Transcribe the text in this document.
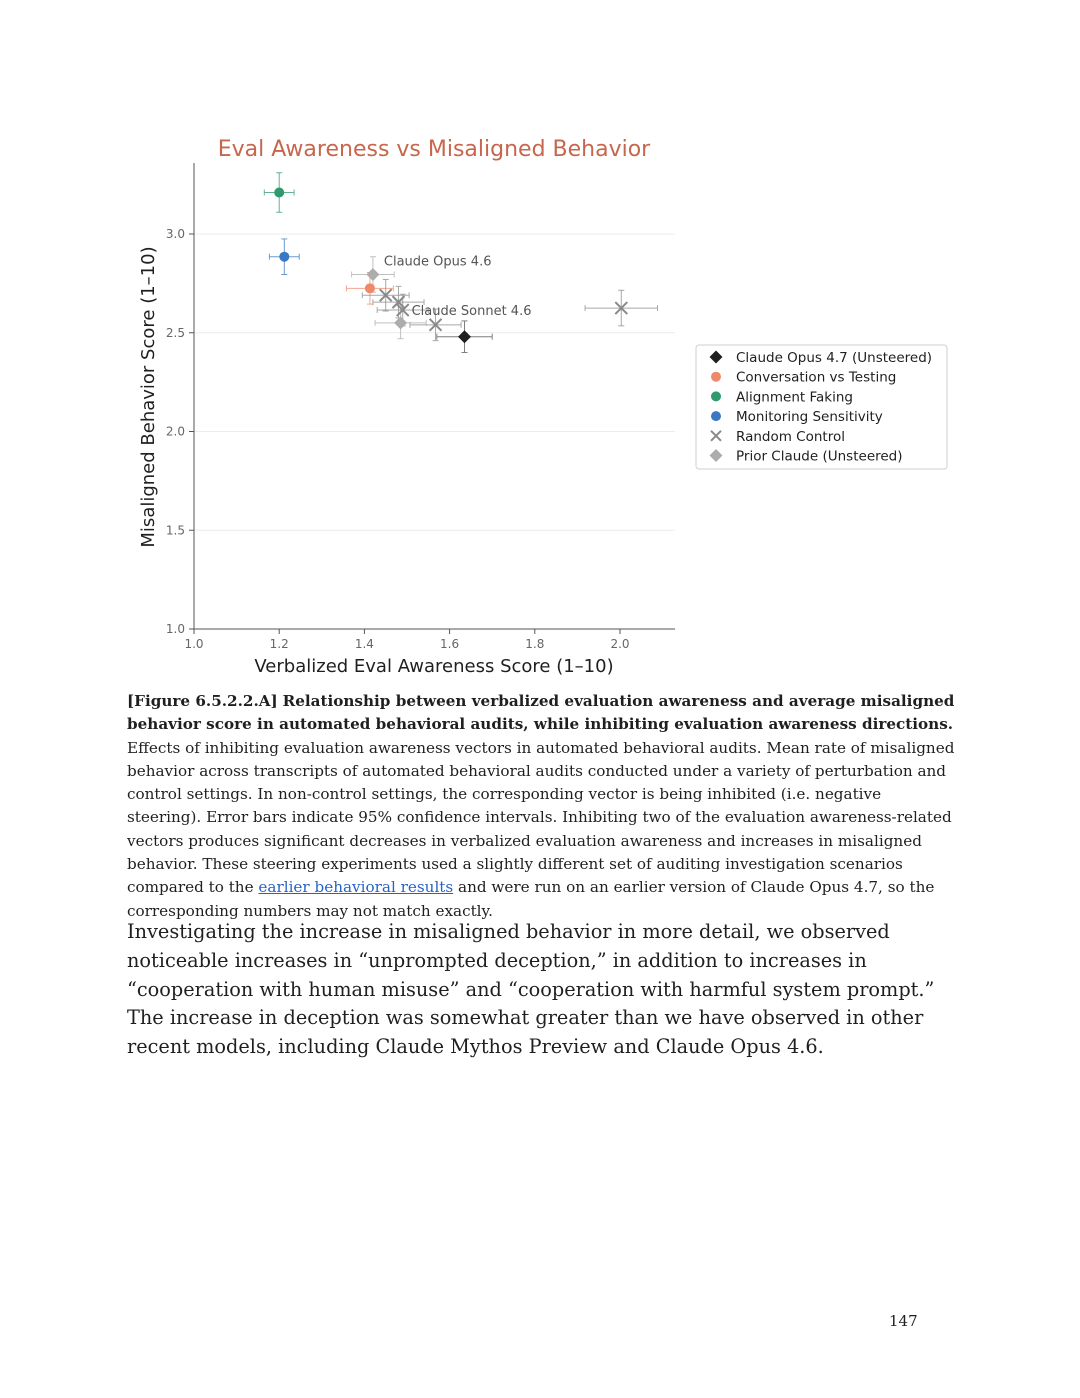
Eval Awareness vs Misaligned Behavior
1.0
1.5
2.0
2.5
3.0
1.0	1.2	1.4	1.6	1.8	2.0
Verbalized Eval Awareness Score (1–10)
Misaligned Behavior Score (1–10)	Claude Opus 4.6
Claude Sonnet 4.6
Claude Opus 4.7 (Unsteered)
Conversation vs Testing
Alignment Faking
Monitoring Sensitivity
Random Control
Prior Claude (Unsteered)
[Figure 6.5.2.2.A] Relationship between verbalized evaluation awareness and average misaligned behavior score in automated behavioral audits, while inhibiting evaluation awareness directions. Effects of inhibiting evaluation awareness vectors in automated behavioral audits. Mean rate of misaligned behavior across transcripts of automated behavioral audits conducted under a variety of perturbation and control settings. In non-control settings, the corresponding vector is being inhibited (i.e. negative steering). Error bars indicate 95% confidence intervals. Inhibiting two of the evaluation awareness-related vectors produces significant decreases in verbalized evaluation awareness and increases in misaligned behavior. These steering experiments used a slightly different set of auditing investigation scenarios compared to the earlier behavioral results and were run on an earlier version of Claude Opus 4.7, so the corresponding numbers may not match exactly.

Investigating the increase in misaligned behavior in more detail, we observed noticeable increases in “unprompted deception,” in addition to increases in “cooperation with human misuse” and “cooperation with harmful system prompt.” The increase in deception was somewhat greater than we have observed in other recent models, including Claude Mythos Preview and Claude Opus 4.6.

147
